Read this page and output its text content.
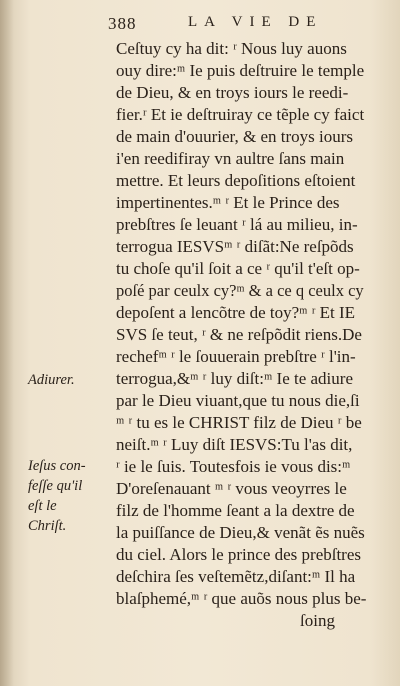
388	LA VIE DE
Ceſtuy cy ha dit: ʳ Nous luy auons
ouy dire:ᵐ Ie puis deſtruire le temple
de Dieu, & en troys iours le reedi-
fier.ʳ Et ie deſtruiray ce tẽple cy faict
de main d'ouurier, & en troys iours
i'en reedifiray vn aultre ſans main
mettre. Et leurs depoſitions eſtoient
impertinentes.ᵐ ʳ Et le Prince des
prebſtres ſe leuant ʳ lá au milieu, in-
terrogua IESVSᵐ ʳ diſãt:Ne reſpõds
tu choſe qu'il ſoit a ce ʳ qu'il t'eſt op-
poſé par ceulx cy?ᵐ & a ce q ceulx cy
depoſent a lencõtre de toy?ᵐ ʳ Et IE
SVS ſe teut, ʳ & ne reſpõdit riens.De
rechefᵐ ʳ le ſouuerain prebſtre ʳ l'in-
terrogua,&ᵐ ʳ luy diſt:ᵐ Ie te adiure
par le Dieu viuant,que tu nous die,ſi
ᵐ ʳ tu es le CHRIST filz de Dieu ʳ be
neiſt.ᵐ ʳ Luy diſt IESVS:Tu l'as dit,
ʳ ie le ſuis. Toutesfois ie vous dis:ᵐ
D'oreſenauant ᵐ ʳ vous veoyrres le
filz de l'homme ſeant a la dextre de
la puiſſance de Dieu,& venãt ẽs nuẽs
du ciel. Alors le prince des prebſtres
deſchira ſes veſtemẽtz,diſant:ᵐ Il ha
blaſphemé,ᵐ ʳ que auõs nous plus be-
ſoing
Adiurer.
Ieſus con-
feſſe qu'il
eſt le
Chriſt.
